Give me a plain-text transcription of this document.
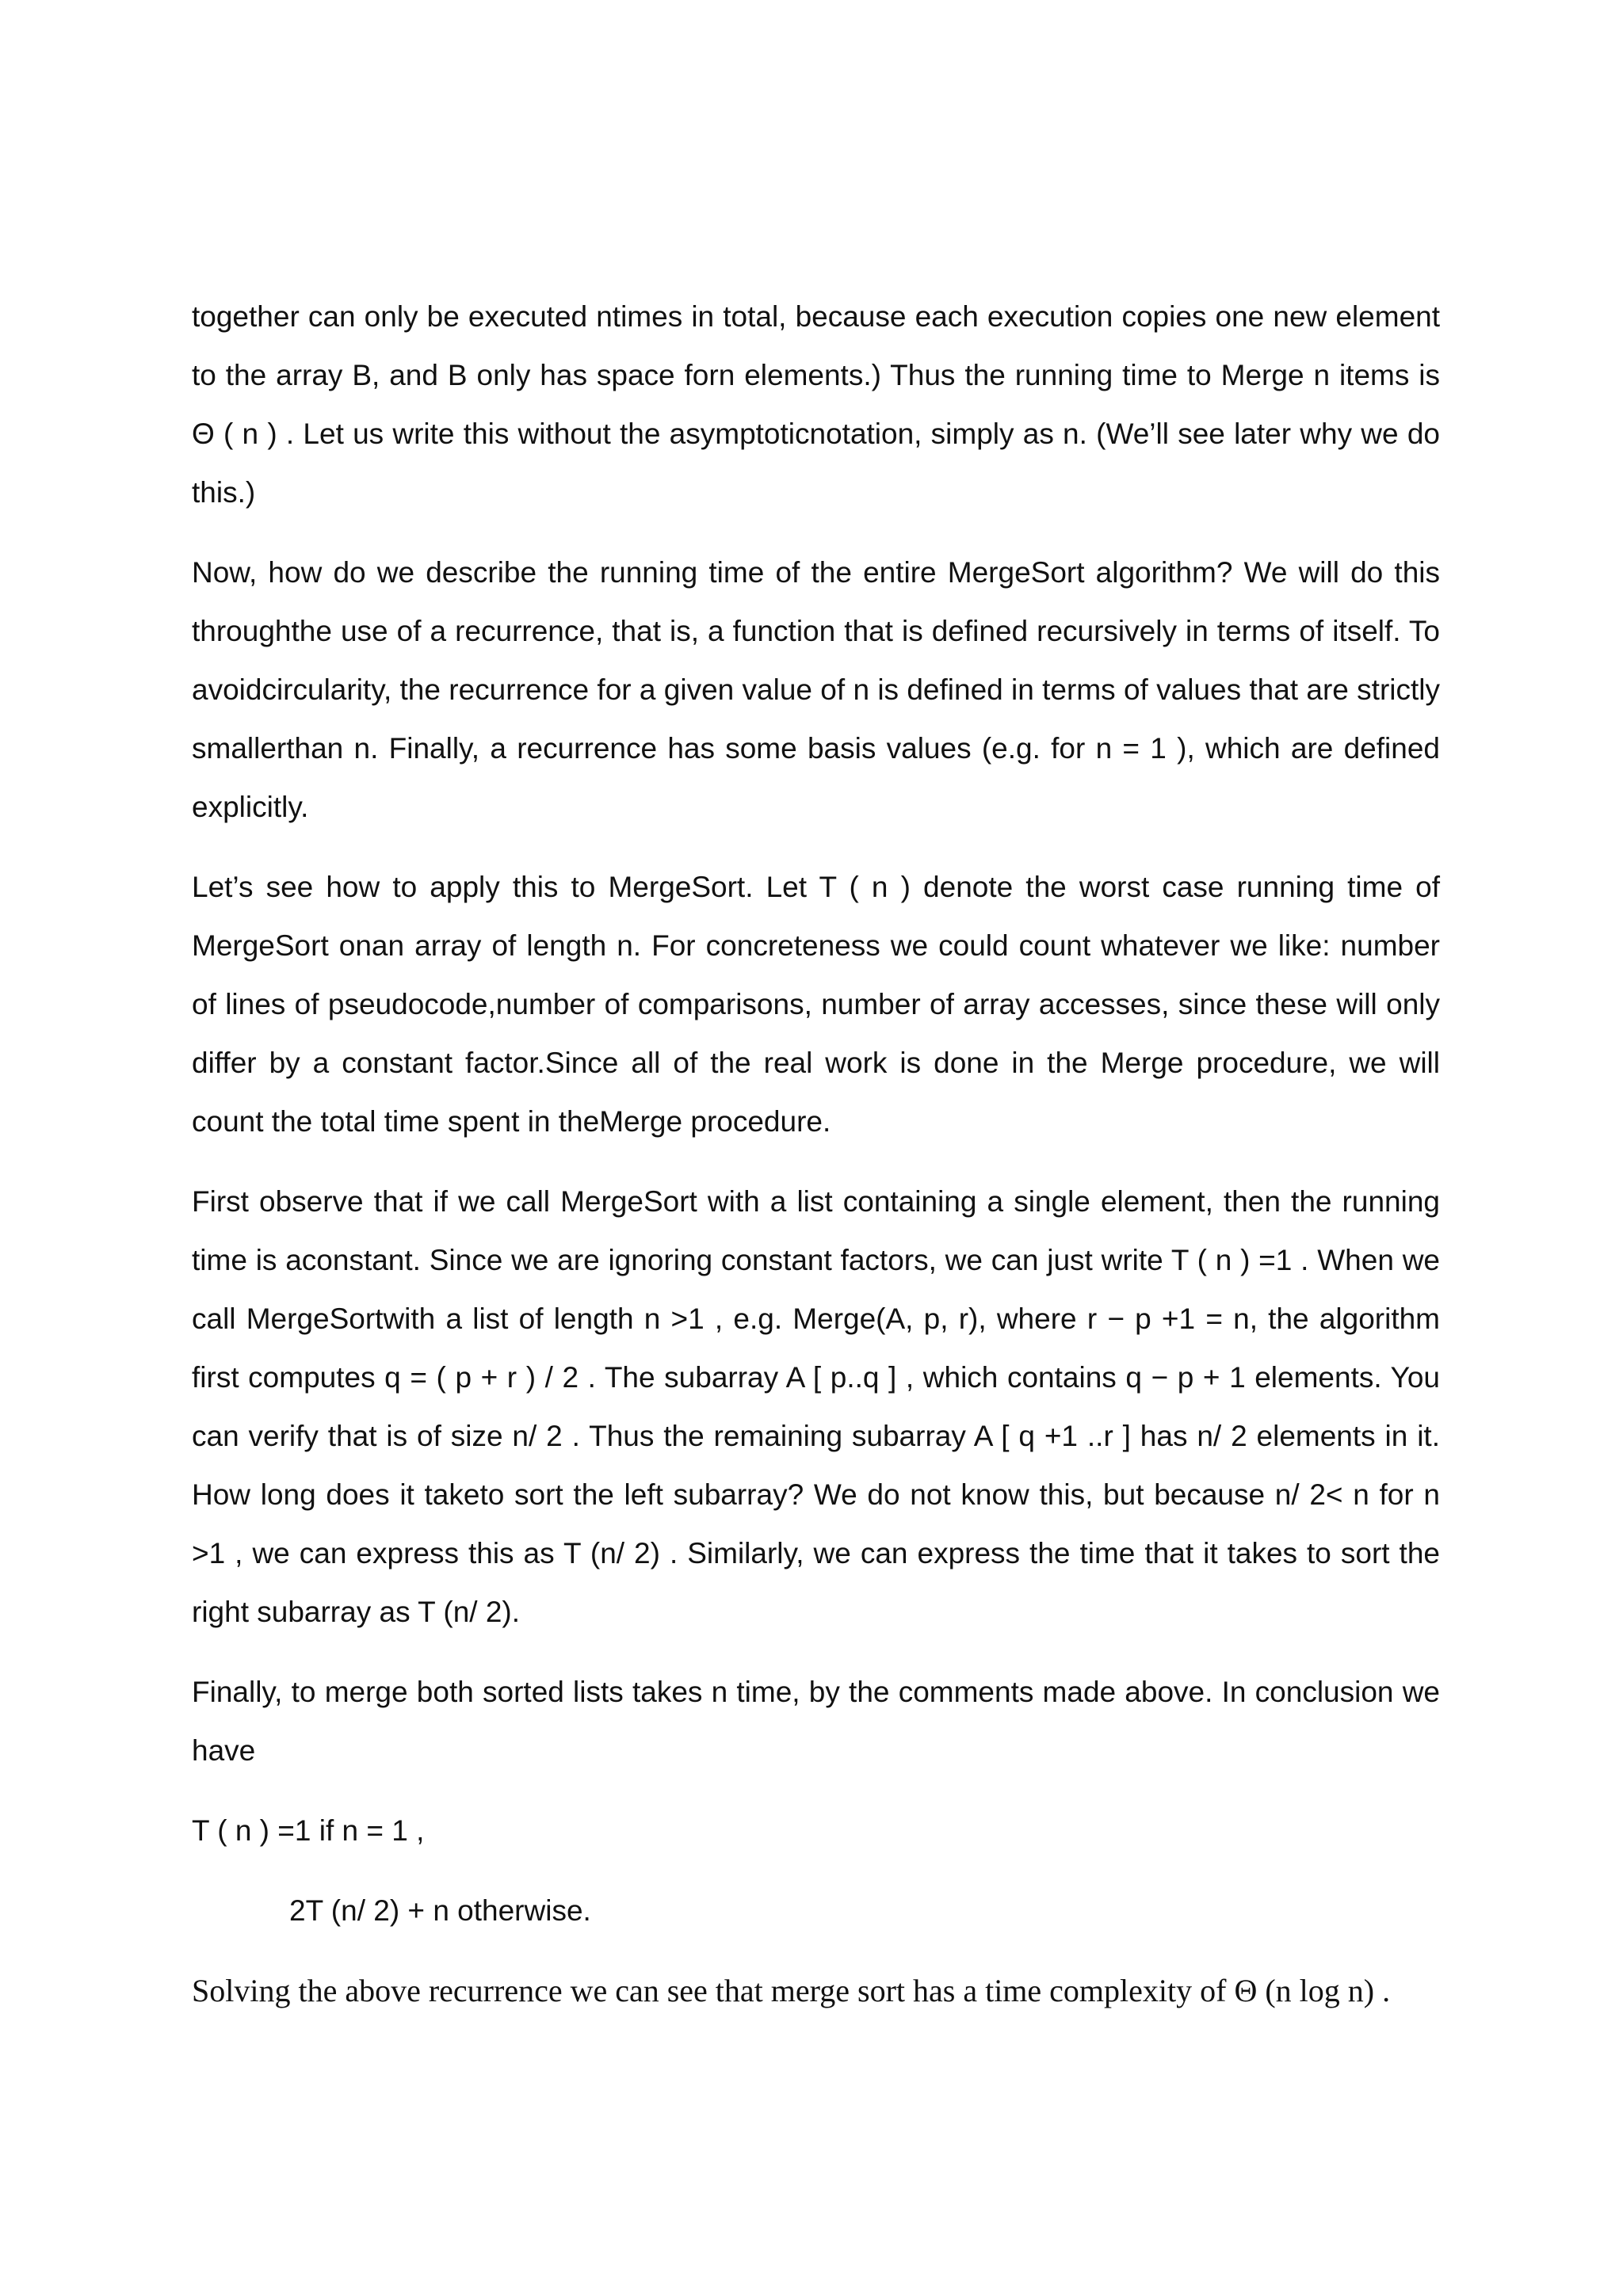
together can only be executed ntimes in total, because each execution copies one new element to the array B, and B only has space forn elements.) Thus the running time to Merge n items is Θ ( n ) . Let us write this without the asymptoticnotation, simply as n. (We’ll see later why we do this.)

Now, how do we describe the running time of the entire MergeSort algorithm? We will do this throughthe use of a recurrence, that is, a function that is defined recursively in terms of itself. To avoidcircularity, the recurrence for a given value of n is defined in terms of values that are strictly smallerthan n. Finally, a recurrence has some basis values (e.g. for n = 1 ), which are defined explicitly.

Let’s see how to apply this to MergeSort. Let T ( n ) denote the worst case running time of MergeSort onan array of length n. For concreteness we could count whatever we like: number of lines of pseudocode,number of comparisons, number of array accesses, since these will only differ by a constant factor.Since all of the real work is done in the Merge procedure, we will count the total time spent in theMerge procedure.

First observe that if we call MergeSort with a list containing a single element, then the running time is aconstant. Since we are ignoring constant factors, we can just write T ( n ) =1 . When we call MergeSortwith a list of length n >1 , e.g. Merge(A, p, r), where r − p +1 = n, the algorithm first computes q = ( p + r ) / 2 . The subarray A [ p..q ] , which contains q − p + 1 elements. You can verify that is of size n/ 2 . Thus the remaining subarray A [ q +1 ..r ] has n/ 2 elements in it. How long does it taketo sort the left subarray? We do not know this, but because n/ 2< n for n >1 , we can express this as T (n/ 2) . Similarly, we can express the time that it takes to sort the right subarray as T (n/ 2).

Finally, to merge both sorted lists takes n time, by the comments made above. In conclusion we have

T ( n ) =1 if n = 1 ,

2T (n/ 2) + n otherwise.

Solving the above recurrence we can see that merge sort has a time complexity of Θ (n log n) .
